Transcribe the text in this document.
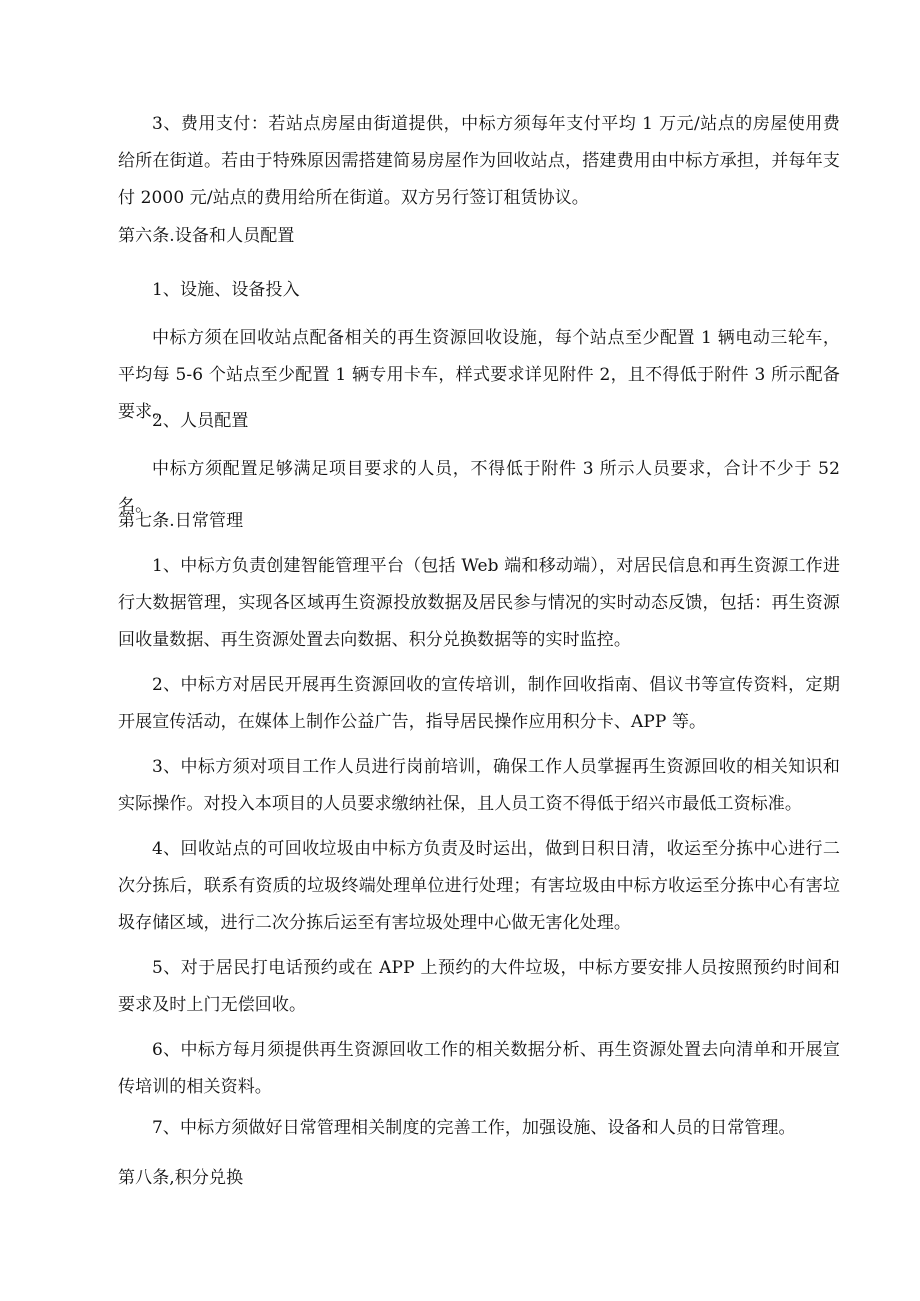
3、费用支付：若站点房屋由街道提供，中标方须每年支付平均 1 万元/站点的房屋使用费给所在街道。若由于特殊原因需搭建简易房屋作为回收站点，搭建费用由中标方承担，并每年支付 2000 元/站点的费用给所在街道。双方另行签订租赁协议。

第六条.设备和人员配置

1、设施、设备投入

中标方须在回收站点配备相关的再生资源回收设施，每个站点至少配置 1 辆电动三轮车，平均每 5-6 个站点至少配置 1 辆专用卡车，样式要求详见附件 2，且不得低于附件 3 所示配备要求。

2、人员配置

中标方须配置足够满足项目要求的人员，不得低于附件 3 所示人员要求，合计不少于 52 名。

第七条.日常管理

1、中标方负责创建智能管理平台（包括 Web 端和移动端），对居民信息和再生资源工作进行大数据管理，实现各区域再生资源投放数据及居民参与情况的实时动态反馈，包括：再生资源回收量数据、再生资源处置去向数据、积分兑换数据等的实时监控。

2、中标方对居民开展再生资源回收的宣传培训，制作回收指南、倡议书等宣传资料，定期开展宣传活动，在媒体上制作公益广告，指导居民操作应用积分卡、APP 等。

3、中标方须对项目工作人员进行岗前培训，确保工作人员掌握再生资源回收的相关知识和实际操作。对投入本项目的人员要求缴纳社保，且人员工资不得低于绍兴市最低工资标准。

4、回收站点的可回收垃圾由中标方负责及时运出，做到日积日清，收运至分拣中心进行二次分拣后，联系有资质的垃圾终端处理单位进行处理；有害垃圾由中标方收运至分拣中心有害垃圾存储区域，进行二次分拣后运至有害垃圾处理中心做无害化处理。

5、对于居民打电话预约或在 APP 上预约的大件垃圾，中标方要安排人员按照预约时间和要求及时上门无偿回收。

6、中标方每月须提供再生资源回收工作的相关数据分析、再生资源处置去向清单和开展宣传培训的相关资料。

7、中标方须做好日常管理相关制度的完善工作，加强设施、设备和人员的日常管理。

第八条,积分兑换
